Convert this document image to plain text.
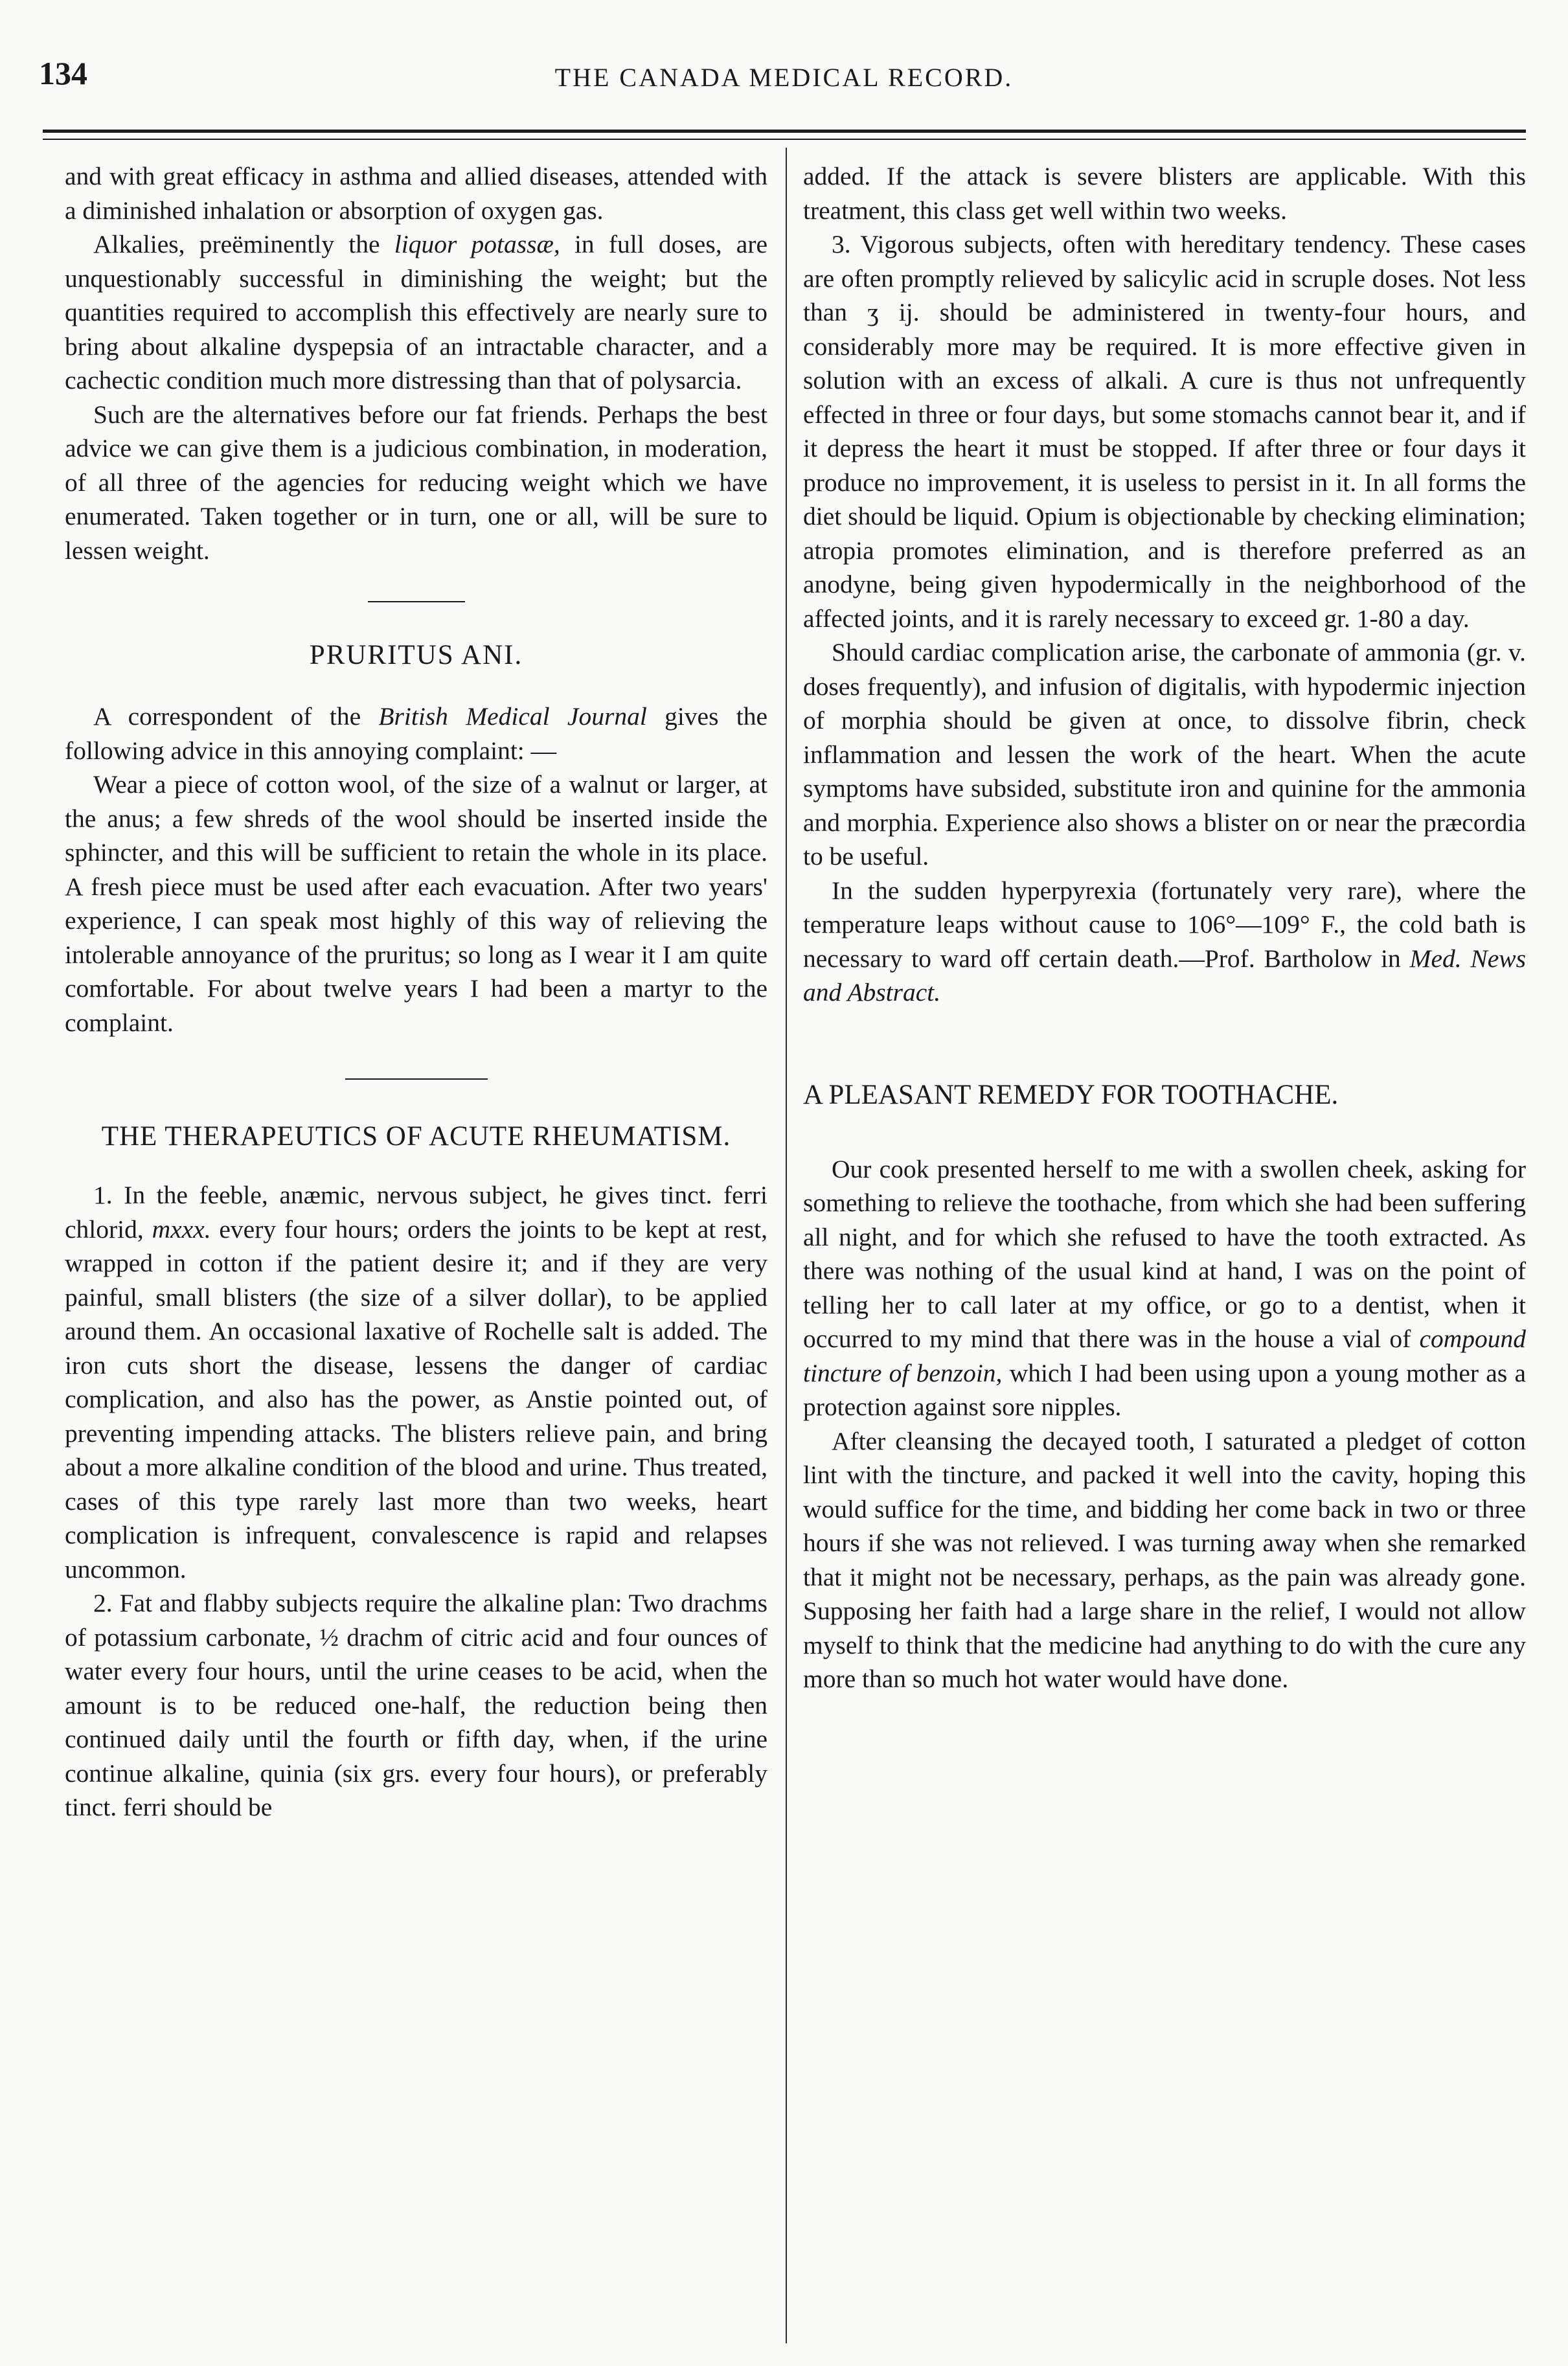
134	THE CANADA MEDICAL RECORD.

and with great efficacy in asthma and allied diseases, attended with a diminished inhalation or absorption of oxygen gas.

Alkalies, preëminently the liquor potassæ, in full doses, are unquestionably successful in diminishing the weight; but the quantities required to accomplish this effectively are nearly sure to bring about alkaline dyspepsia of an intractable character, and a cachectic condition much more distressing than that of polysarcia.

Such are the alternatives before our fat friends. Perhaps the best advice we can give them is a judicious combination, in moderation, of all three of the agencies for reducing weight which we have enumerated. Taken together or in turn, one or all, will be sure to lessen weight.

PRURITUS ANI.

A correspondent of the British Medical Journal gives the following advice in this annoying complaint: —

Wear a piece of cotton wool, of the size of a walnut or larger, at the anus; a few shreds of the wool should be inserted inside the sphincter, and this will be sufficient to retain the whole in its place. A fresh piece must be used after each evacuation. After two years' experience, I can speak most highly of this way of relieving the intolerable annoyance of the pruritus; so long as I wear it I am quite comfortable. For about twelve years I had been a martyr to the complaint.

THE THERAPEUTICS OF ACUTE RHEUMATISM.

1. In the feeble, anæmic, nervous subject, he gives tinct. ferri chlorid, mxxx. every four hours; orders the joints to be kept at rest, wrapped in cotton if the patient desire it; and if they are very painful, small blisters (the size of a silver dollar), to be applied around them. An occasional laxative of Rochelle salt is added. The iron cuts short the disease, lessens the danger of cardiac complication, and also has the power, as Anstie pointed out, of preventing impending attacks. The blisters relieve pain, and bring about a more alkaline condition of the blood and urine. Thus treated, cases of this type rarely last more than two weeks, heart complication is infrequent, convalescence is rapid and relapses uncommon.

2. Fat and flabby subjects require the alkaline plan: Two drachms of potassium carbonate, ½ drachm of citric acid and four ounces of water every four hours, until the urine ceases to be acid, when the amount is to be reduced one-half, the reduction being then continued daily until the fourth or fifth day, when, if the urine continue alkaline, quinia (six grs. every four hours), or preferably tinct. ferri should be

added. If the attack is severe blisters are applicable. With this treatment, this class get well within two weeks.

3. Vigorous subjects, often with hereditary tendency. These cases are often promptly relieved by salicylic acid in scruple doses. Not less than ʒ ij. should be administered in twenty-four hours, and considerably more may be required. It is more effective given in solution with an excess of alkali. A cure is thus not unfrequently effected in three or four days, but some stomachs cannot bear it, and if it depress the heart it must be stopped. If after three or four days it produce no improvement, it is useless to persist in it. In all forms the diet should be liquid. Opium is objectionable by checking elimination; atropia promotes elimination, and is therefore preferred as an anodyne, being given hypodermically in the neighborhood of the affected joints, and it is rarely necessary to exceed gr. 1-80 a day.

Should cardiac complication arise, the carbonate of ammonia (gr. v. doses frequently), and infusion of digitalis, with hypodermic injection of morphia should be given at once, to dissolve fibrin, check inflammation and lessen the work of the heart. When the acute symptoms have subsided, substitute iron and quinine for the ammonia and morphia. Experience also shows a blister on or near the præcordia to be useful.

In the sudden hyperpyrexia (fortunately very rare), where the temperature leaps without cause to 106°—109° F., the cold bath is necessary to ward off certain death.—Prof. Bartholow in Med. News and Abstract.

A PLEASANT REMEDY FOR TOOTHACHE.

Our cook presented herself to me with a swollen cheek, asking for something to relieve the toothache, from which she had been suffering all night, and for which she refused to have the tooth extracted. As there was nothing of the usual kind at hand, I was on the point of telling her to call later at my office, or go to a dentist, when it occurred to my mind that there was in the house a vial of compound tincture of benzoin, which I had been using upon a young mother as a protection against sore nipples.

After cleansing the decayed tooth, I saturated a pledget of cotton lint with the tincture, and packed it well into the cavity, hoping this would suffice for the time, and bidding her come back in two or three hours if she was not relieved. I was turning away when she remarked that it might not be necessary, perhaps, as the pain was already gone. Supposing her faith had a large share in the relief, I would not allow myself to think that the medicine had anything to do with the cure any more than so much hot water would have done.
